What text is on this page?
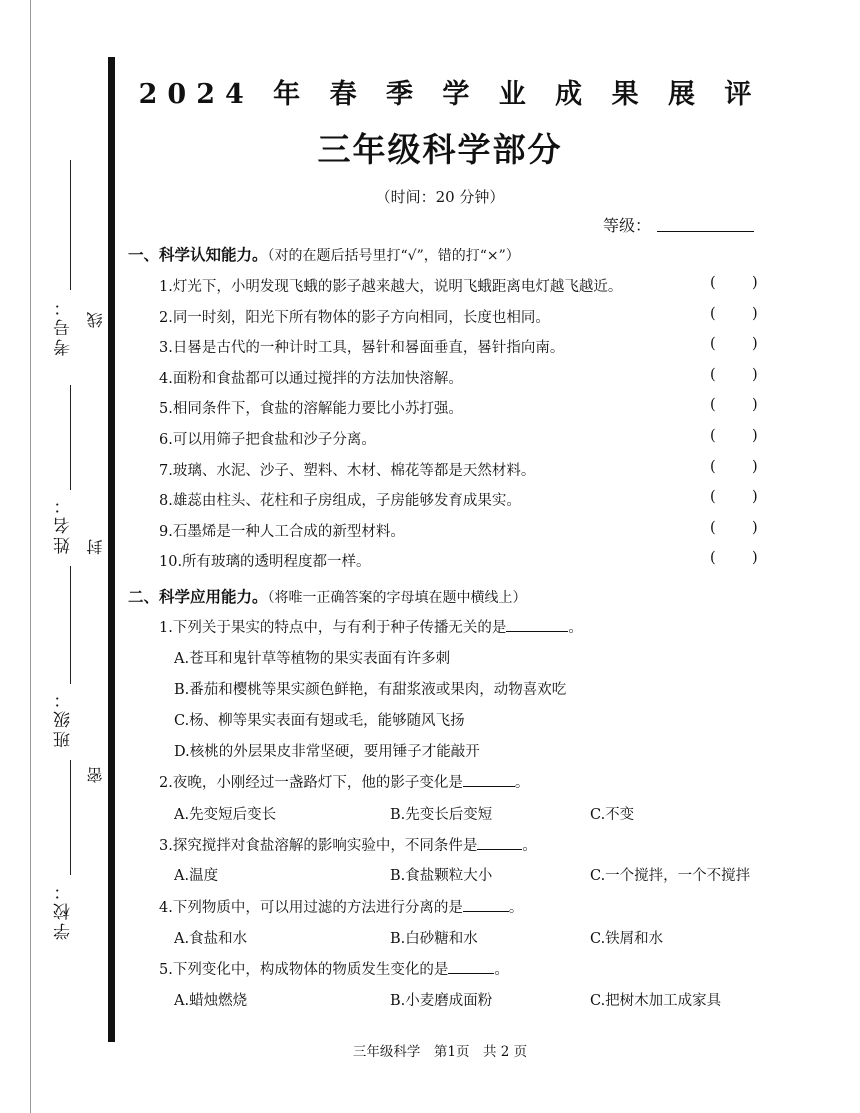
考号：
姓名：
班级：
学校：
线
封
密
2024 年 春 季 学 业 成 果 展 评
三年级科学部分
（时间：20 分钟）
等级：
一、科学认知能力。（对的在题后括号里打“√”，错的打“×”）
1.灯光下，小明发现飞蛾的影子越来越大，说明飞蛾距离电灯越飞越近。	(	)
2.同一时刻，阳光下所有物体的影子方向相同，长度也相同。	(	)
3.日晷是古代的一种计时工具，晷针和晷面垂直，晷针指向南。	(	)
4.面粉和食盐都可以通过搅拌的方法加快溶解。	(	)
5.相同条件下，食盐的溶解能力要比小苏打强。	(	)
6.可以用筛子把食盐和沙子分离。	(	)
7.玻璃、水泥、沙子、塑料、木材、棉花等都是天然材料。	(	)
8.雄蕊由柱头、花柱和子房组成，子房能够发育成果实。	(	)
9.石墨烯是一种人工合成的新型材料。	(	)
10.所有玻璃的透明程度都一样。	(	)
二、科学应用能力。（将唯一正确答案的字母填在题中横线上）
1.下列关于果实的特点中，与有利于种子传播无关的是	。
A.苍耳和鬼针草等植物的果实表面有许多刺
B.番茄和樱桃等果实颜色鲜艳，有甜浆液或果肉，动物喜欢吃
C.杨、柳等果实表面有翅或毛，能够随风飞扬
D.核桃的外层果皮非常坚硬，要用锤子才能敲开
2.夜晚，小刚经过一盏路灯下，他的影子变化是	。
A.先变短后变长	B.先变长后变短	C.不变
3.探究搅拌对食盐溶解的影响实验中，不同条件是	。
A.温度	B.食盐颗粒大小	C.一个搅拌，一个不搅拌
4.下列物质中，可以用过滤的方法进行分离的是	。
A.食盐和水	B.白砂糖和水	C.铁屑和水
5.下列变化中，构成物体的物质发生变化的是	。
A.蜡烛燃烧	B.小麦磨成面粉	C.把树木加工成家具
三年级科学　第1页　共 2 页
